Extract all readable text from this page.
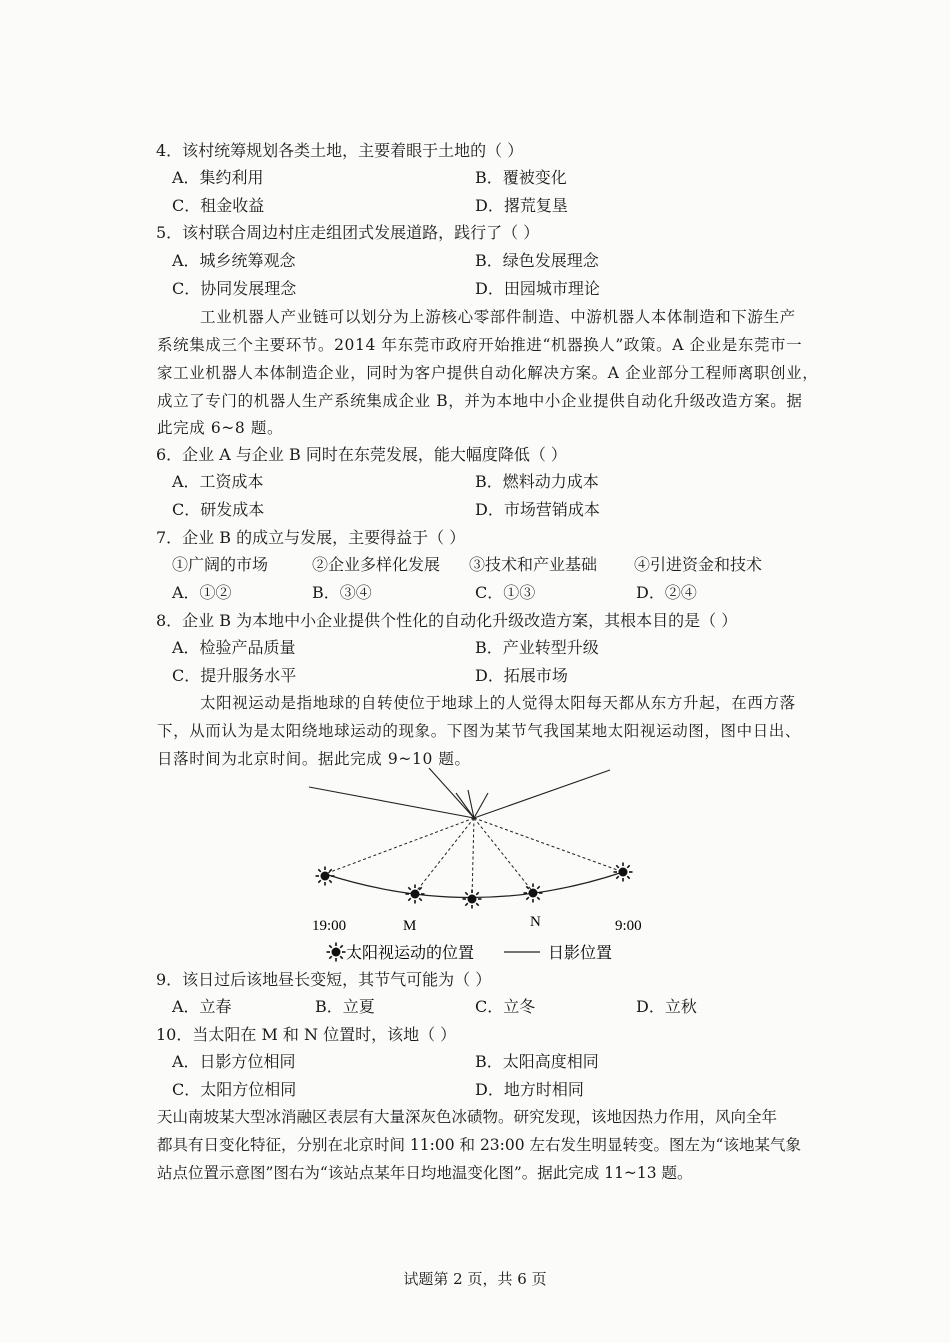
4．该村统筹规划各类土地，主要着眼于土地的（ ）
A．集约利用	B．覆被变化
C．租金收益	D．撂荒复垦
5．该村联合周边村庄走组团式发展道路，践行了（ ）
A．城乡统筹观念	B．绿色发展理念
C．协同发展理念	D．田园城市理论
工业机器人产业链可以划分为上游核心零部件制造、中游机器人本体制造和下游生产
系统集成三个主要环节。2014 年东莞市政府开始推进“机器换人”政策。A 企业是东莞市一
家工业机器人本体制造企业，同时为客户提供自动化解决方案。A 企业部分工程师离职创业，
成立了专门的机器人生产系统集成企业 B，并为本地中小企业提供自动化升级改造方案。据
此完成 6~8 题。
6．企业 A 与企业 B 同时在东莞发展，能大幅度降低（ ）
A．工资成本	B．燃料动力成本
C．研发成本	D．市场营销成本
7．企业 B 的成立与发展，主要得益于（ ）
①广阔的市场	②企业多样化发展 ③技术和产业基础 ④引进资金和技术
A．①②	B．③④	C．①③	D．②④
8．企业 B 为本地中小企业提供个性化的自动化升级改造方案，其根本目的是（ ）
A．检验产品质量	B．产业转型升级
C．提升服务水平	D．拓展市场
太阳视运动是指地球的自转使位于地球上的人觉得太阳每天都从东方升起，在西方落
下，从而认为是太阳绕地球运动的现象。下图为某节气我国某地太阳视运动图，图中日出、
日落时间为北京时间。据此完成 9~10 题。
19:00	M	N	9:00
太阳视运动的位置	日影位置
9．该日过后该地昼长变短，其节气可能为（ ）
A．立春	B．立夏	C．立冬	D．立秋
10．当太阳在 M 和 N 位置时，该地（ ）
A．日影方位相同	B．太阳高度相同
C．太阳方位相同	D．地方时相同
天山南坡某大型冰消融区表层有大量深灰色冰碛物。研究发现，该地因热力作用，风向全年
都具有日变化特征，分别在北京时间 11:00 和 23:00 左右发生明显转变。图左为“该地某气象
站点位置示意图”图右为“该站点某年日均地温变化图”。据此完成 11~13 题。
试题第 2 页，共 6 页
